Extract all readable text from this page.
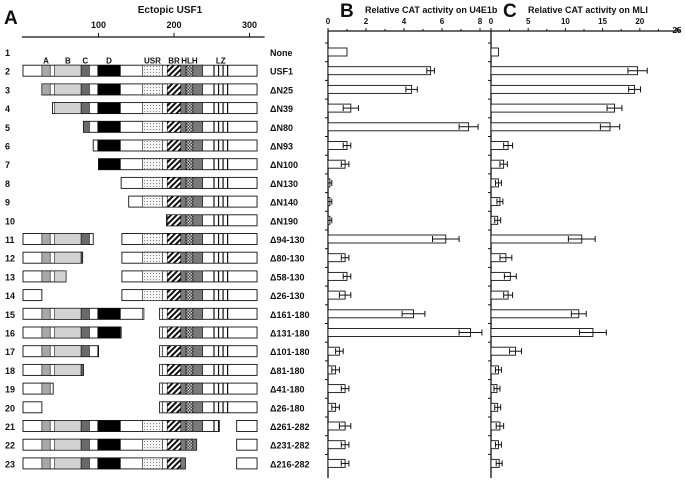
A	Ectopic USF1
100	200	300
A B C D	USR BR HLH LZ
1	None
2	USF1
3	ΔN25
4	ΔN39
5	ΔN80
6	ΔN93
7	ΔN100
8	ΔN130
9	ΔN140
10	ΔN190
11	Δ94-130
12	Δ80-130
13	Δ58-130
14	Δ26-130
15	Δ161-180
16	Δ131-180
17	Δ101-180
18	Δ81-180
19	Δ41-180
20	Δ26-180
21	Δ261-282
22	Δ231-282
23	Δ216-282
B Relative CAT activity on U4E1b
0	2	4	6	8 C Relative CAT activity on MLI
0	5	10	15	20
25
